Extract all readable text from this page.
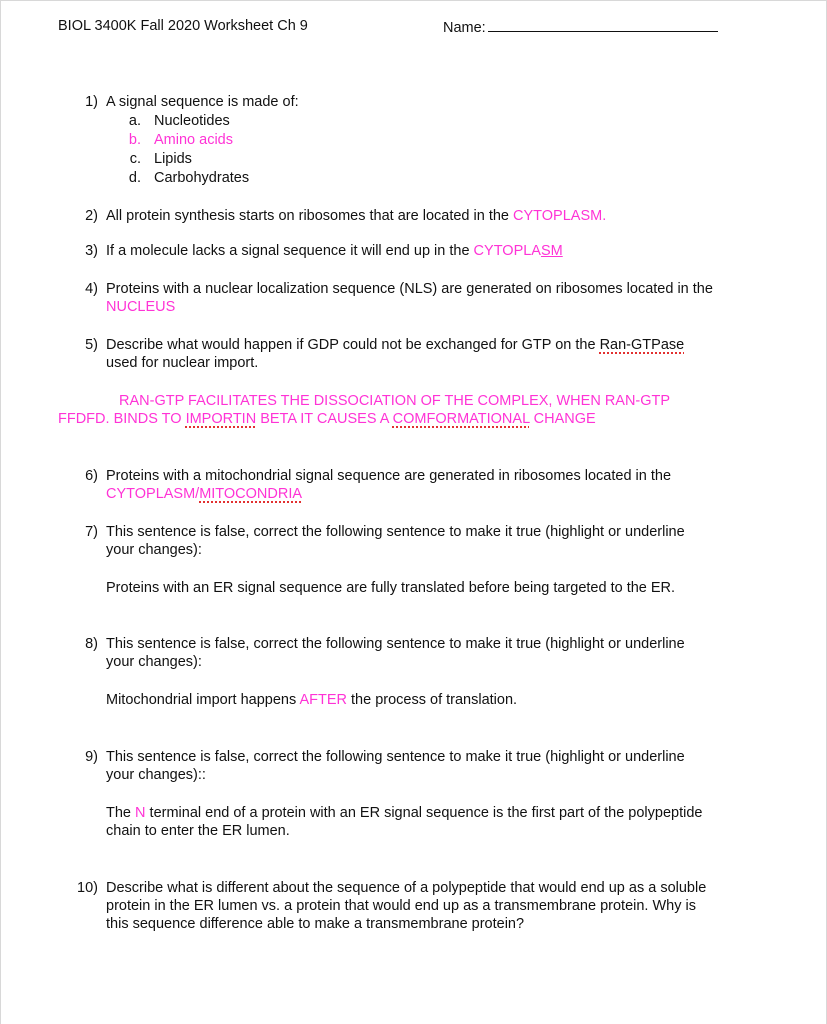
BIOL 3400K Fall 2020 Worksheet Ch 9	Name:
1) A signal sequence is made of:
a. Nucleotides
b. Amino acids
c. Lipids
d. Carbohydrates
2) All protein synthesis starts on ribosomes that are located in the CYTOPLASM.
3) If a molecule lacks a signal sequence it will end up in the CYTOPLASM
4) Proteins with a nuclear localization sequence (NLS) are generated on ribosomes located in the
NUCLEUS
5) Describe what would happen if GDP could not be exchanged for GTP on the Ran-GTPase
used for nuclear import.
RAN-GTP FACILITATES THE DISSOCIATION OF THE COMPLEX, WHEN RAN-GTP
FFDFD. BINDS TO IMPORTIN BETA IT CAUSES A COMFORMATIONAL CHANGE
6) Proteins with a mitochondrial signal sequence are generated in ribosomes located in the
CYTOPLASM/MITOCONDRIA
7) This sentence is false, correct the following sentence to make it true (highlight or underline
your changes):
Proteins with an ER signal sequence are fully translated before being targeted to the ER.
8) This sentence is false, correct the following sentence to make it true (highlight or underline
your changes):
Mitochondrial import happens AFTER the process of translation.
9) This sentence is false, correct the following sentence to make it true (highlight or underline
your changes)::
The N terminal end of a protein with an ER signal sequence is the first part of the polypeptide
chain to enter the ER lumen.
10) Describe what is different about the sequence of a polypeptide that would end up as a soluble
protein in the ER lumen vs. a protein that would end up as a transmembrane protein. Why is
this sequence difference able to make a transmembrane protein?
